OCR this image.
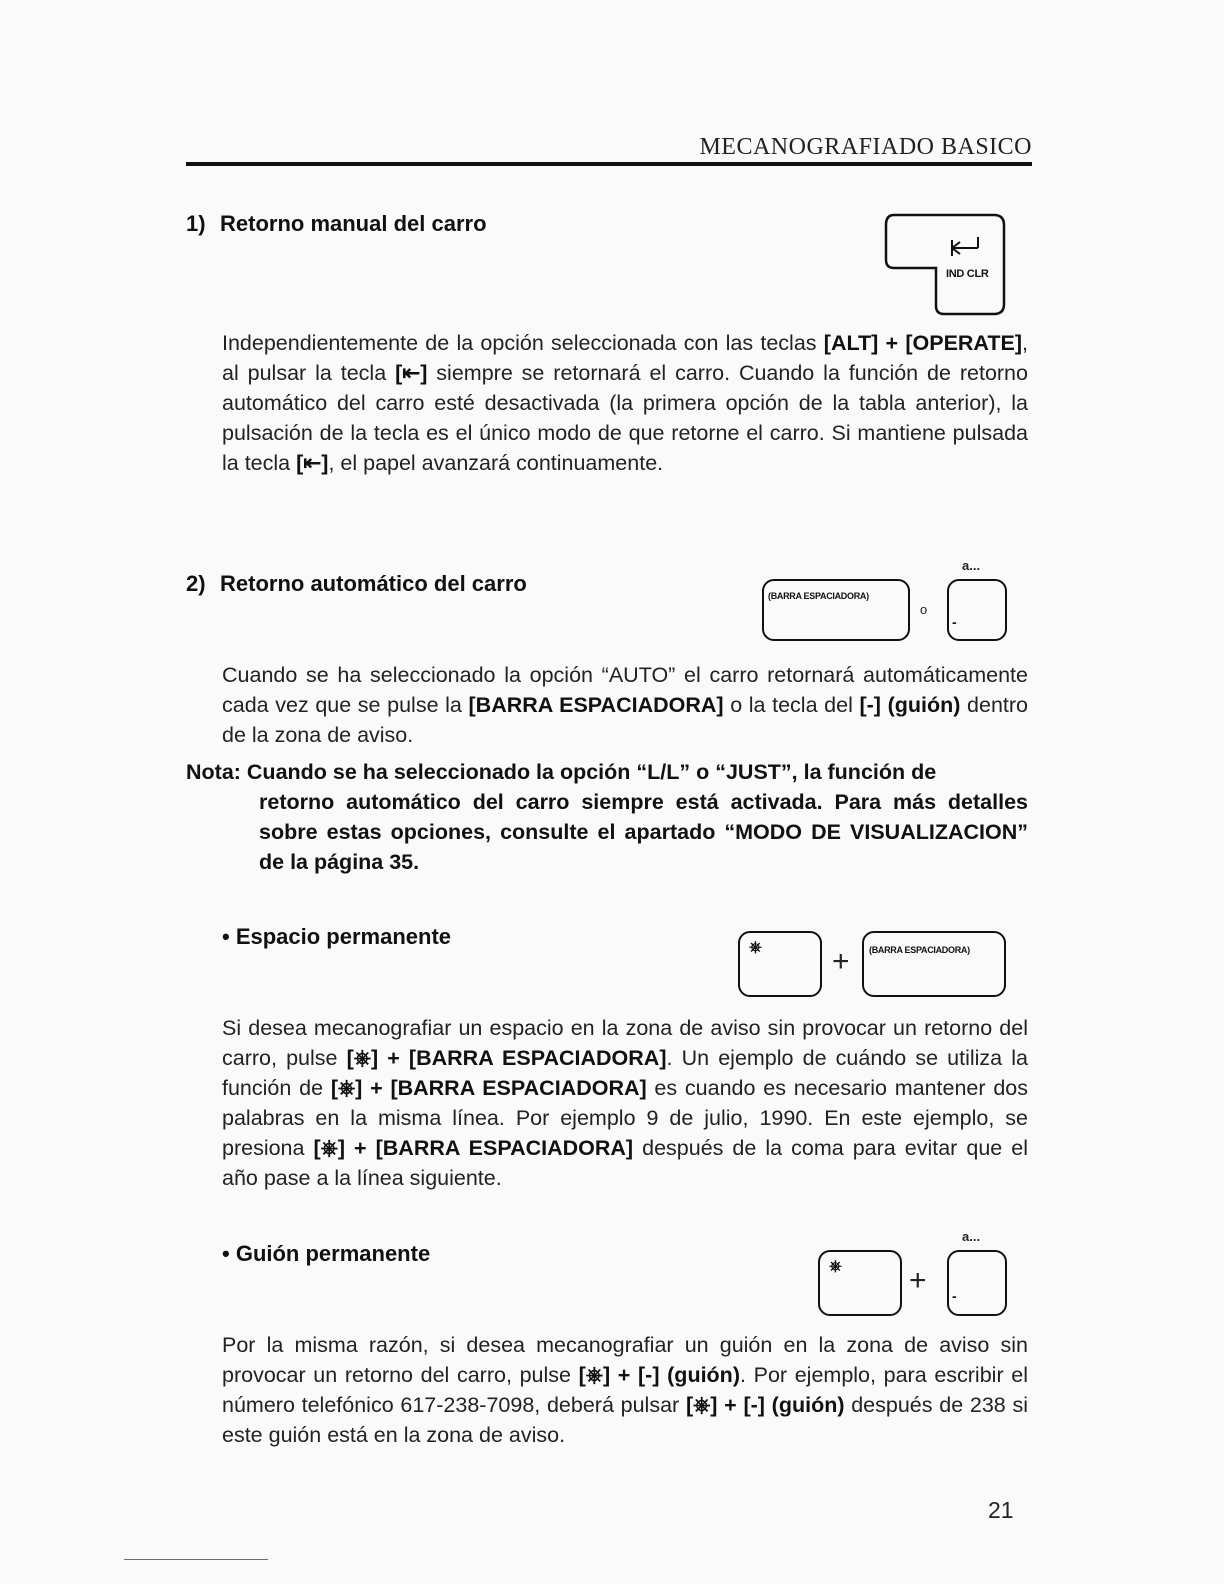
MECANOGRAFIADO BASICO
1) Retorno manual del carro
IND CLR
Independientemente de la opción seleccionada con las teclas [ALT] + [OPERATE], al pulsar la tecla [⇤] siempre se retornará el carro. Cuando la función de retorno automático del carro esté desactivada (la primera opción de la tabla anterior), la pulsación de la tecla es el único modo de que retorne el carro. Si mantiene pulsada la tecla [⇤], el papel avanzará continuamente.
2) Retorno automático del carro	(BARRA ESPACIADORA)
o
a...
-
Cuando se ha seleccionado la opción “AUTO” el carro retornará automáticamente cada vez que se pulse la [BARRA ESPACIADORA] o la tecla del [-] (guión) dentro de la zona de aviso.
Nota: Cuando se ha seleccionado la opción “L/L” o “JUST”, la función de
retorno automático del carro siempre está activada. Para más detalles sobre estas opciones, consulte el apartado “MODO DE VISUALIZACION” de la página 35.
• Espacio permanente	⎈ + (BARRA ESPACIADORA)
Si desea mecanografiar un espacio en la zona de aviso sin provocar un retorno del carro, pulse [⎈] + [BARRA ESPACIADORA]. Un ejemplo de cuándo se utiliza la función de [⎈] + [BARRA ESPACIADORA] es cuando es necesario mantener dos palabras en la misma línea. Por ejemplo 9 de julio, 1990. En este ejemplo, se presiona [⎈] + [BARRA ESPACIADORA] después de la coma para evitar que el año pase a la línea siguiente.
• Guión permanente
⎈ +
a...
-
Por la misma razón, si desea mecanografiar un guión en la zona de aviso sin provocar un retorno del carro, pulse [⎈] + [-] (guión). Por ejemplo, para escribir el número telefónico 617-238-7098, deberá pulsar [⎈] + [-] (guión) después de 238 si este guión está en la zona de aviso.
21
